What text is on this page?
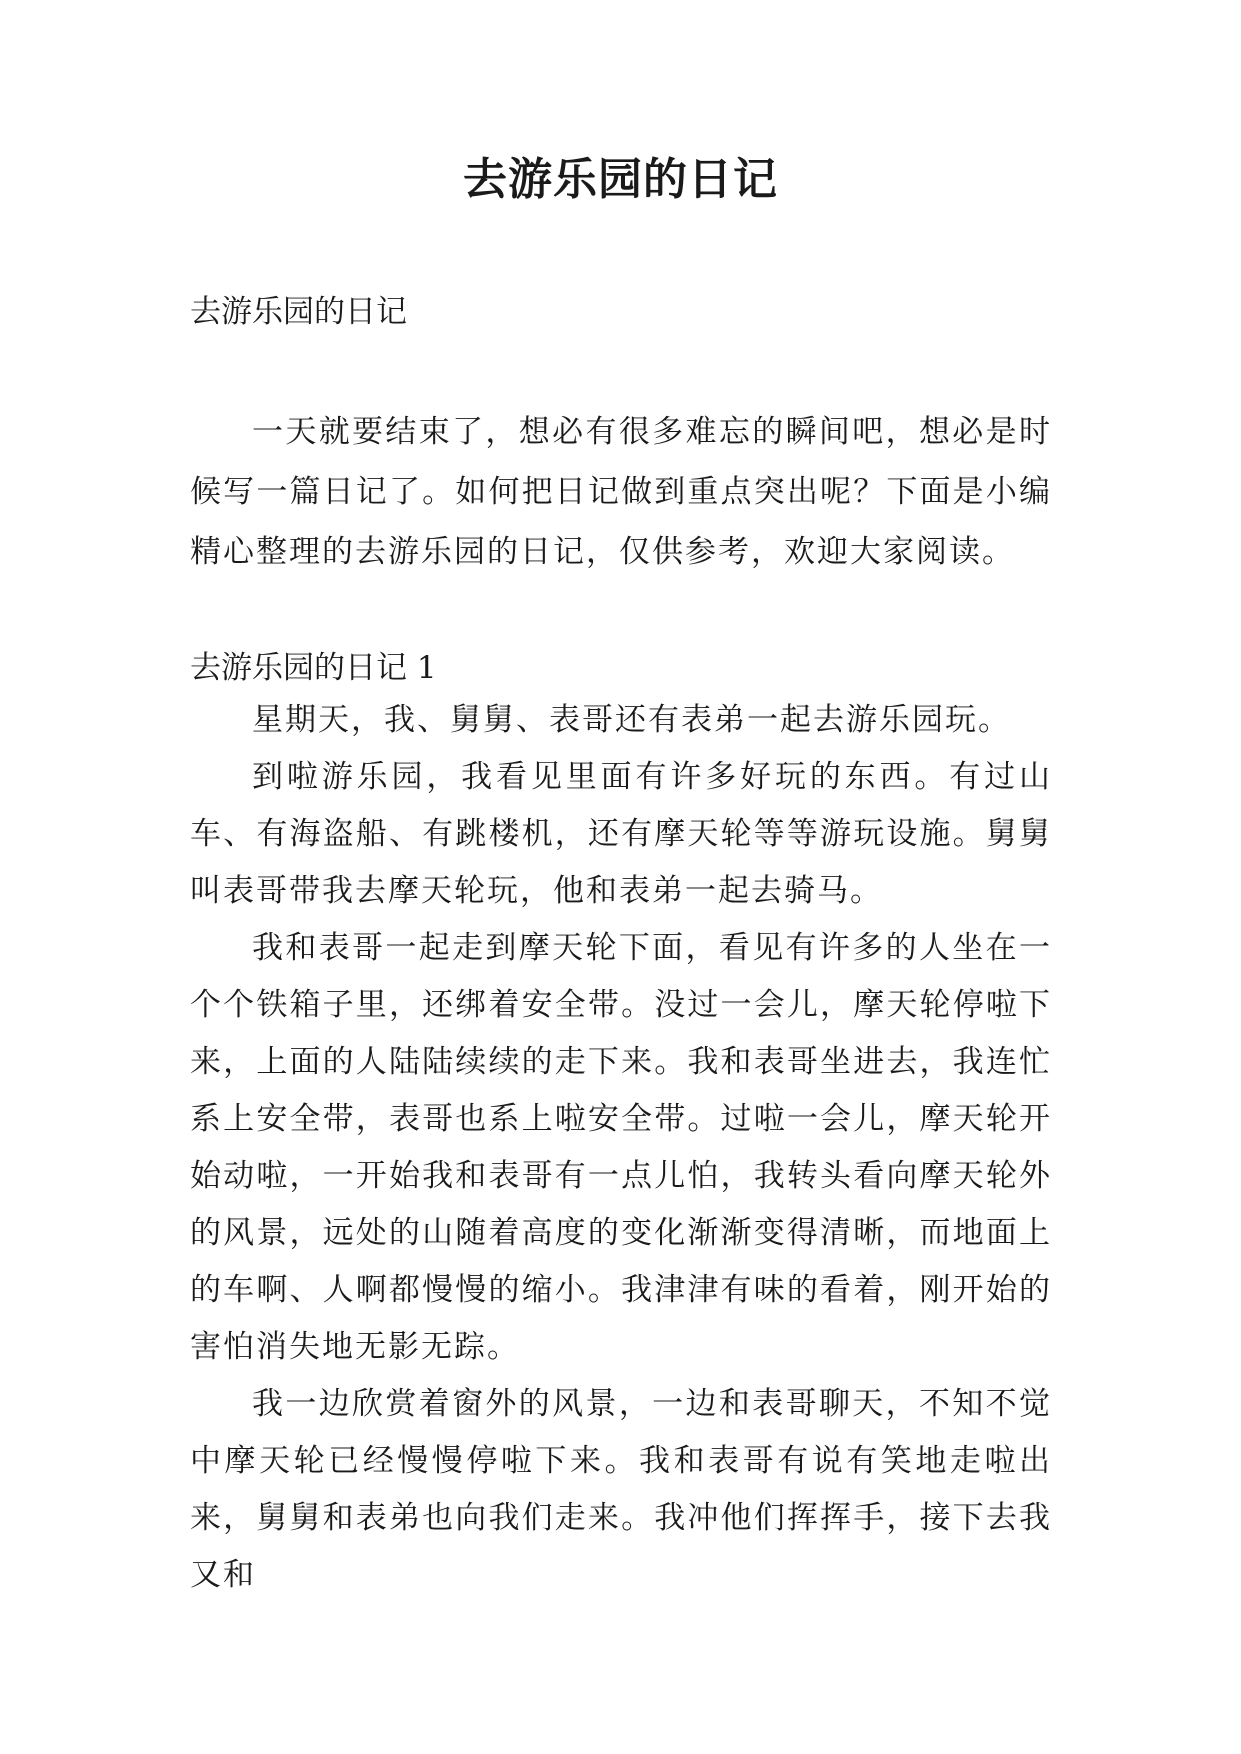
去游乐园的日记

去游乐园的日记

一天就要结束了，想必有很多难忘的瞬间吧，想必是时候写一篇日记了。如何把日记做到重点突出呢？下面是小编精心整理的去游乐园的日记，仅供参考，欢迎大家阅读。

去游乐园的日记 1

星期天，我、舅舅、表哥还有表弟一起去游乐园玩。

到啦游乐园，我看见里面有许多好玩的东西。有过山车、有海盗船、有跳楼机，还有摩天轮等等游玩设施。舅舅叫表哥带我去摩天轮玩，他和表弟一起去骑马。

我和表哥一起走到摩天轮下面，看见有许多的人坐在一个个铁箱子里，还绑着安全带。没过一会儿，摩天轮停啦下来，上面的人陆陆续续的走下来。我和表哥坐进去，我连忙系上安全带，表哥也系上啦安全带。过啦一会儿，摩天轮开始动啦，一开始我和表哥有一点儿怕，我转头看向摩天轮外的风景，远处的山随着高度的变化渐渐变得清晰，而地面上的车啊、人啊都慢慢的缩小。我津津有味的看着，刚开始的害怕消失地无影无踪。

我一边欣赏着窗外的风景，一边和表哥聊天，不知不觉中摩天轮已经慢慢停啦下来。我和表哥有说有笑地走啦出来，舅舅和表弟也向我们走来。我冲他们挥挥手，接下去我又和
